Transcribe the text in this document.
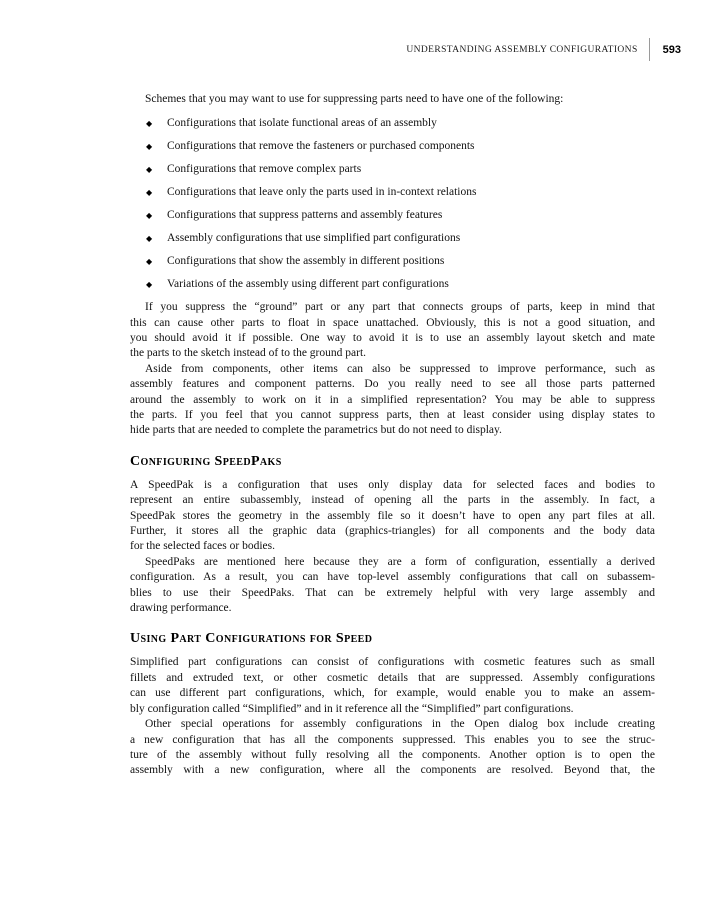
UNDERSTANDING ASSEMBLY CONFIGURATIONS 593
Schemes that you may want to use for suppressing parts need to have one of the following:
◆	Configurations that isolate functional areas of an assembly
◆	Configurations that remove the fasteners or purchased components
◆	Configurations that remove complex parts
◆	Configurations that leave only the parts used in in-context relations
◆	Configurations that suppress patterns and assembly features
◆	Assembly configurations that use simplified part configurations
◆	Configurations that show the assembly in different positions
◆	Variations of the assembly using different part configurations
If you suppress the “ground” part or any part that connects groups of parts, keep in mind that
this can cause other parts to float in space unattached. Obviously, this is not a good situation, and
you should avoid it if possible. One way to avoid it is to use an assembly layout sketch and mate
the parts to the sketch instead of to the ground part.
Aside from components, other items can also be suppressed to improve performance, such as
assembly features and component patterns. Do you really need to see all those parts patterned
around the assembly to work on it in a simplified representation? You may be able to suppress
the parts. If you feel that you cannot suppress parts, then at least consider using display states to
hide parts that are needed to complete the parametrics but do not need to display.
Configuring SpeedPaks
A SpeedPak is a configuration that uses only display data for selected faces and bodies to
represent an entire subassembly, instead of opening all the parts in the assembly. In fact, a
SpeedPak stores the geometry in the assembly file so it doesn’t have to open any part files at all.
Further, it stores all the graphic data (graphics-triangles) for all components and the body data
for the selected faces or bodies.
SpeedPaks are mentioned here because they are a form of configuration, essentially a derived
configuration. As a result, you can have top-level assembly configurations that call on subassem-
blies to use their SpeedPaks. That can be extremely helpful with very large assembly and
drawing performance.
Using Part Configurations for Speed
Simplified part configurations can consist of configurations with cosmetic features such as small
fillets and extruded text, or other cosmetic details that are suppressed. Assembly configurations
can use different part configurations, which, for example, would enable you to make an assem-
bly configuration called “Simplified” and in it reference all the “Simplified” part configurations.
Other special operations for assembly configurations in the Open dialog box include creating
a new configuration that has all the components suppressed. This enables you to see the struc-
ture of the assembly without fully resolving all the components. Another option is to open the
assembly with a new configuration, where all the components are resolved. Beyond that, the
